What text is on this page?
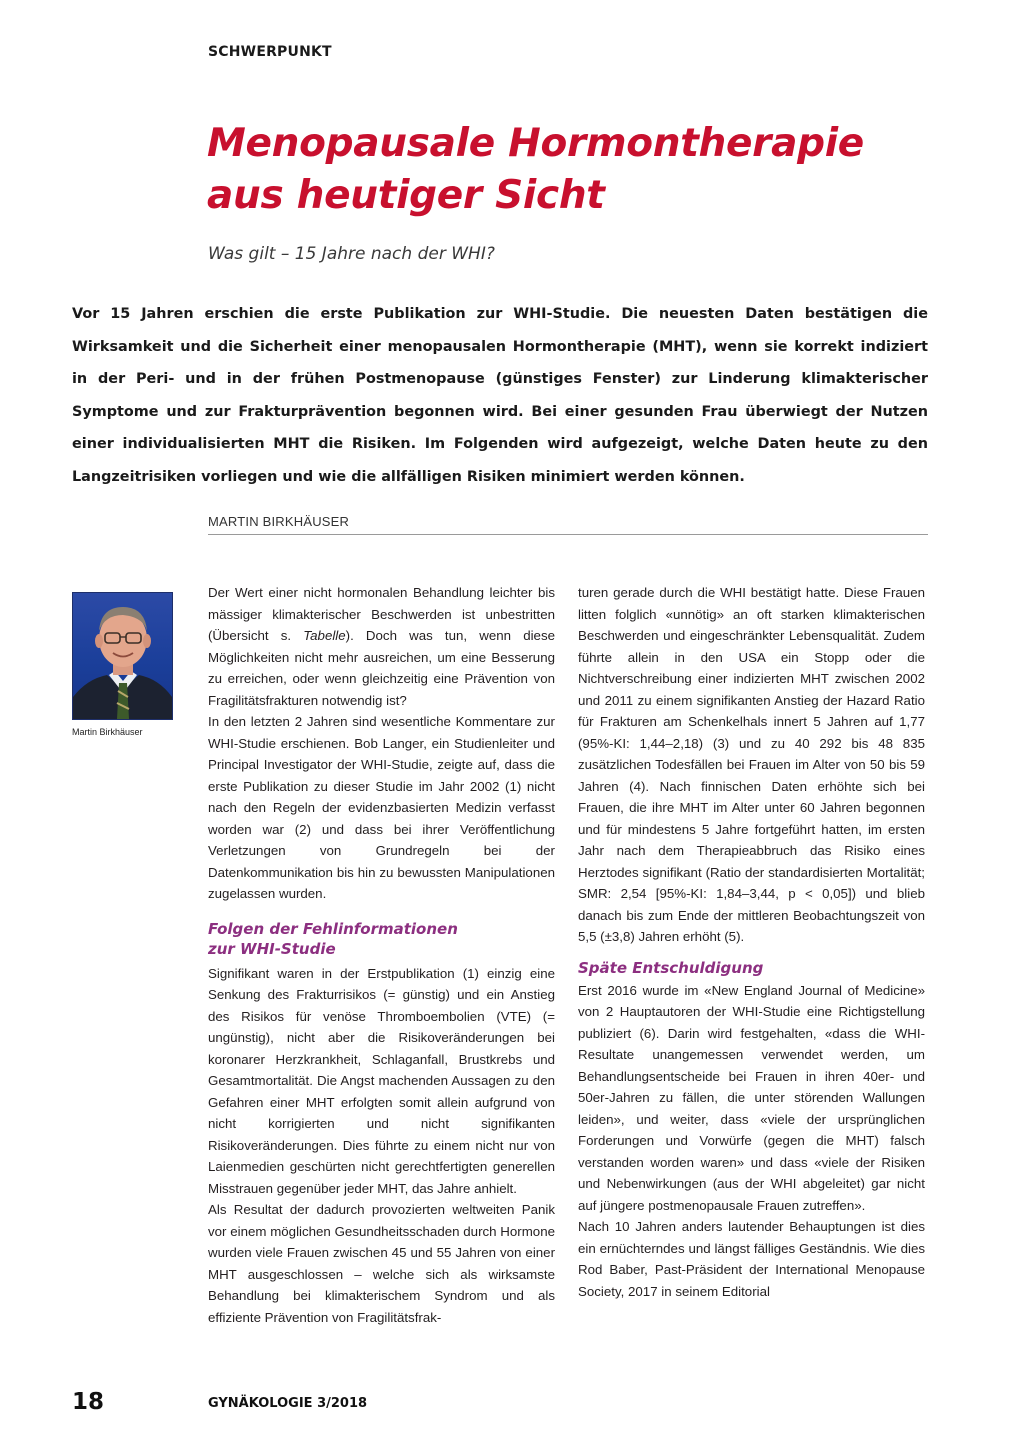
SCHWERPUNKT
Menopausale Hormontherapie
aus heutiger Sicht
Was gilt – 15 Jahre nach der WHI?

Vor 15 Jahren erschien die erste Publikation zur WHI-Studie. Die neuesten Daten bestätigen die Wirksamkeit und die Sicherheit einer menopausalen Hormontherapie (MHT), wenn sie korrekt indiziert in der Peri- und in der frühen Postmenopause (günstiges Fenster) zur Linderung klimakterischer Symptome und zur Frakturprävention begonnen wird. Bei einer gesunden Frau überwiegt der Nutzen einer individualisierten MHT die Risiken. Im Folgenden wird aufgezeigt, welche Daten heute zu den Langzeitrisiken vorliegen und wie die allfälligen Risiken minimiert werden können.

MARTIN BIRKHÄUSER
Martin Birkhäuser

Der Wert einer nicht hormonalen Behandlung leichter bis mässiger klimakterischer Beschwerden ist unbestritten (Übersicht s. Tabelle). Doch was tun, wenn diese Möglichkeiten nicht mehr ausreichen, um eine Besserung zu erreichen, oder wenn gleichzeitig eine Prävention von Fragilitätsfrakturen notwendig ist?

In den letzten 2 Jahren sind wesentliche Kommentare zur WHI-Studie erschienen. Bob Langer, ein Studienleiter und Principal Investigator der WHI-Studie, zeigte auf, dass die erste Publikation zu dieser Studie im Jahr 2002 (1) nicht nach den Regeln der evidenzbasierten Medizin verfasst worden war (2) und dass bei ihrer Veröffentlichung Verletzungen von Grundregeln bei der Datenkommunikation bis hin zu bewussten Manipulationen zugelassen wurden.

Folgen der Fehlinformationen
zur WHI-Studie

Signifikant waren in der Erstpublikation (1) einzig eine Senkung des Frakturrisikos (= günstig) und ein Anstieg des Risikos für venöse Thromboembolien (VTE) (= ungünstig), nicht aber die Risikoveränderungen bei koronarer Herzkrankheit, Schlaganfall, Brustkrebs und Gesamtmortalität. Die Angst machenden Aussagen zu den Gefahren einer MHT erfolgten somit allein aufgrund von nicht korrigierten und nicht signifikanten Risikoveränderungen. Dies führte zu einem nicht nur von Laienmedien geschürten nicht gerechtfertigten generellen Misstrauen gegenüber jeder MHT, das Jahre anhielt.

Als Resultat der dadurch provozierten weltweiten Panik vor einem möglichen Gesundheitsschaden durch Hormone wurden viele Frauen zwischen 45 und 55 Jahren von einer MHT ausgeschlossen – welche sich als wirksamste Behandlung bei klimakterischem Syndrom und als effiziente Prävention von Fragilitätsfrak-

turen gerade durch die WHI bestätigt hatte. Diese Frauen litten folglich «unnötig» an oft starken klimakterischen Beschwerden und eingeschränkter Lebensqualität. Zudem führte allein in den USA ein Stopp oder die Nichtverschreibung einer indizierten MHT zwischen 2002 und 2011 zu einem signifikanten Anstieg der Hazard Ratio für Frakturen am Schenkelhals innert 5 Jahren auf 1,77 (95%-KI: 1,44–2,18) (3) und zu 40 292 bis 48 835 zusätzlichen Todesfällen bei Frauen im Alter von 50 bis 59 Jahren (4). Nach finnischen Daten erhöhte sich bei Frauen, die ihre MHT im Alter unter 60 Jahren begonnen und für mindestens 5 Jahre fortgeführt hatten, im ersten Jahr nach dem Therapieabbruch das Risiko eines Herztodes signifikant (Ratio der standardisierten Mortalität; SMR: 2,54 [95%-KI: 1,84–3,44, p < 0,05]) und blieb danach bis zum Ende der mittleren Beobachtungszeit von 5,5 (±3,8) Jahren erhöht (5).

Späte Entschuldigung

Erst 2016 wurde im «New England Journal of Medicine» von 2 Hauptautoren der WHI-Studie eine Richtigstellung publiziert (6). Darin wird festgehalten, «dass die WHI-Resultate unangemessen verwendet werden, um Behandlungsentscheide bei Frauen in ihren 40er- und 50er-Jahren zu fällen, die unter störenden Wallungen leiden», und weiter, dass «viele der ursprünglichen Forderungen und Vorwürfe (gegen die MHT) falsch verstanden worden waren» und dass «viele der Risiken und Nebenwirkungen (aus der WHI abgeleitet) gar nicht auf jüngere postmenopausale Frauen zutreffen».

Nach 10 Jahren anders lautender Behauptungen ist dies ein ernüchterndes und längst fälliges Geständnis. Wie dies Rod Baber, Past-Präsident der International Menopause Society, 2017 in seinem Editorial

18	GYNÄKOLOGIE 3/2018
